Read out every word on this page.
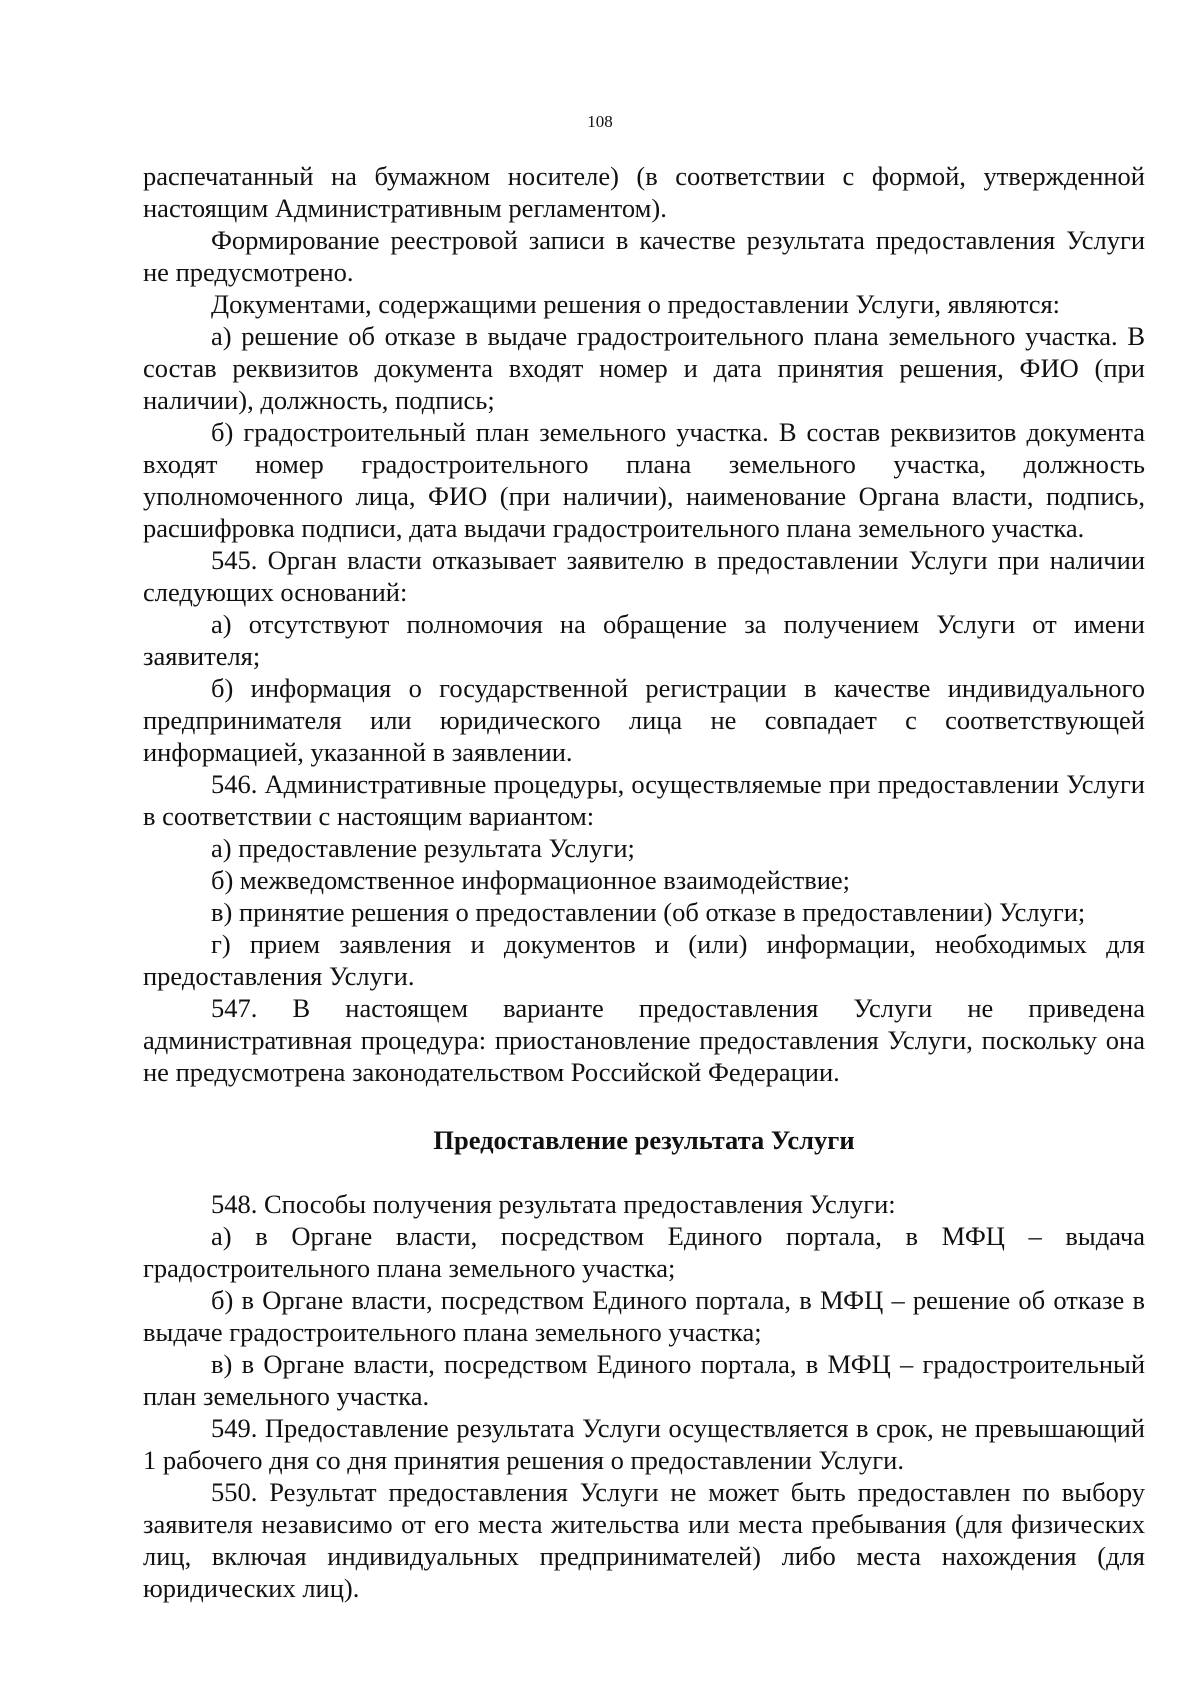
108

распечатанный на бумажном носителе) (в соответствии с формой, утвержденной настоящим Административным регламентом).

Формирование реестровой записи в качестве результата предоставления Услуги не предусмотрено.

Документами, содержащими решения о предоставлении Услуги, являются:

а) решение об отказе в выдаче градостроительного плана земельного участка. В состав реквизитов документа входят номер и дата принятия решения, ФИО (при наличии), должность, подпись;

б) градостроительный план земельного участка. В состав реквизитов документа входят номер градостроительного плана земельного участка, должность уполномоченного лица, ФИО (при наличии), наименование Органа власти, подпись, расшифровка подписи, дата выдачи градостроительного плана земельного участка.

545. Орган власти отказывает заявителю в предоставлении Услуги при наличии следующих оснований:

а) отсутствуют полномочия на обращение за получением Услуги от имени заявителя;

б) информация о государственной регистрации в качестве индивидуального предпринимателя или юридического лица не совпадает с соответствующей информацией, указанной в заявлении.

546. Административные процедуры, осуществляемые при предоставлении Услуги в соответствии с настоящим вариантом:

а) предоставление результата Услуги;

б) межведомственное информационное взаимодействие;

в) принятие решения о предоставлении (об отказе в предоставлении) Услуги;

г) прием заявления и документов и (или) информации, необходимых для предоставления Услуги.

547. В настоящем варианте предоставления Услуги не приведена административная процедура: приостановление предоставления Услуги, поскольку она не предусмотрена законодательством Российской Федерации.

Предоставление результата Услуги

548. Способы получения результата предоставления Услуги:

а) в Органе власти, посредством Единого портала, в МФЦ – выдача градостроительного плана земельного участка;

б) в Органе власти, посредством Единого портала, в МФЦ – решение об отказе в выдаче градостроительного плана земельного участка;

в) в Органе власти, посредством Единого портала, в МФЦ – градостроительный план земельного участка.

549. Предоставление результата Услуги осуществляется в срок, не превышающий 1 рабочего дня со дня принятия решения о предоставлении Услуги.

550. Результат предоставления Услуги не может быть предоставлен по выбору заявителя независимо от его места жительства или места пребывания (для физических лиц, включая индивидуальных предпринимателей) либо места нахождения (для юридических лиц).
